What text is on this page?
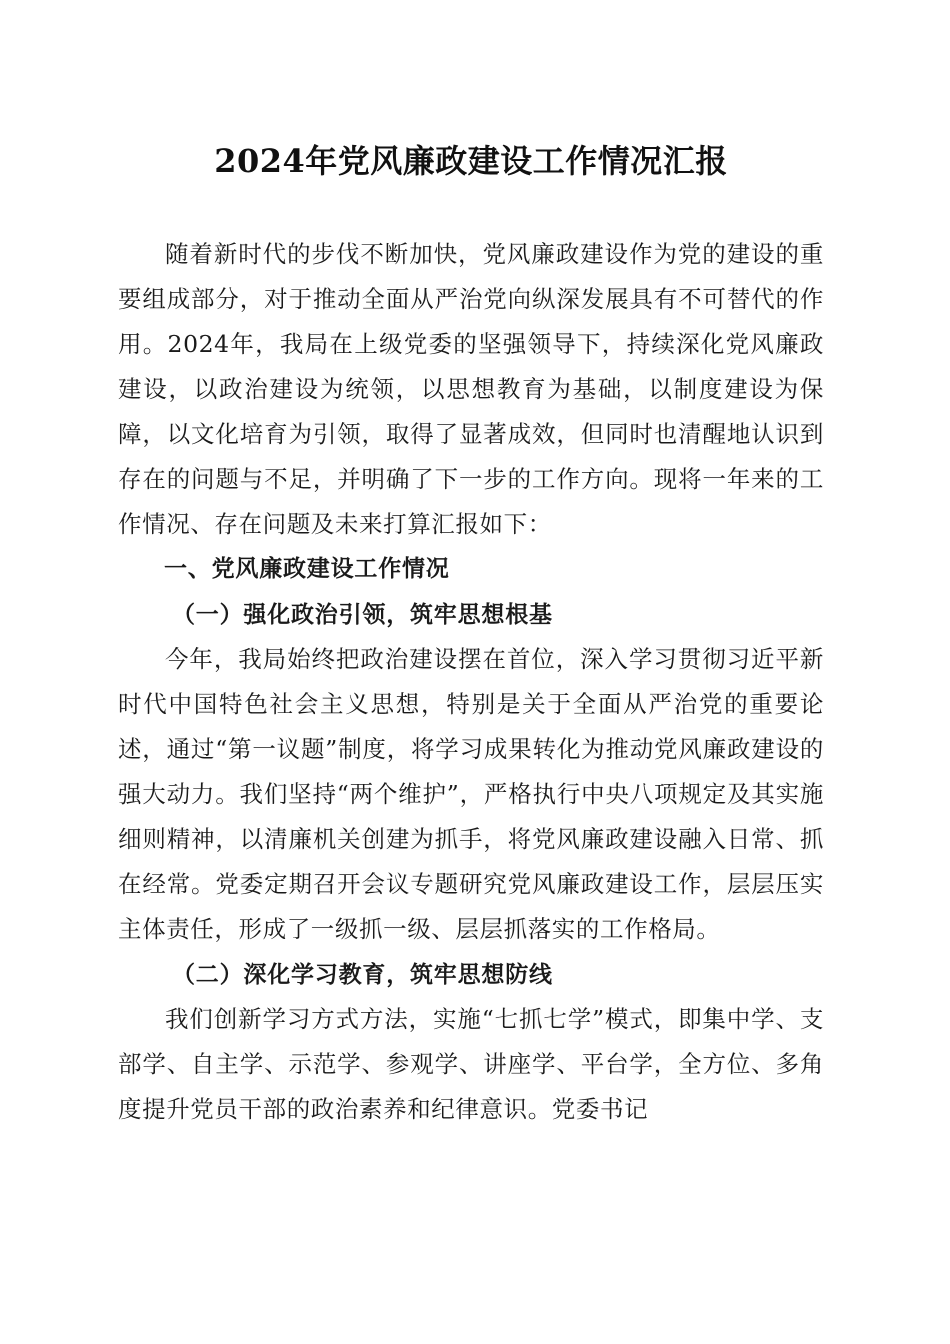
2024年党风廉政建设工作情况汇报

随着新时代的步伐不断加快，党风廉政建设作为党的建设的重要组成部分，对于推动全面从严治党向纵深发展具有不可替代的作用。2024年，我局在上级党委的坚强领导下，持续深化党风廉政建设，以政治建设为统领，以思想教育为基础，以制度建设为保障，以文化培育为引领，取得了显著成效，但同时也清醒地认识到存在的问题与不足，并明确了下一步的工作方向。现将一年来的工作情况、存在问题及未来打算汇报如下：

一、党风廉政建设工作情况
（一）强化政治引领，筑牢思想根基

今年，我局始终把政治建设摆在首位，深入学习贯彻习近平新时代中国特色社会主义思想，特别是关于全面从严治党的重要论述，通过“第一议题”制度，将学习成果转化为推动党风廉政建设的强大动力。我们坚持“两个维护”，严格执行中央八项规定及其实施细则精神，以清廉机关创建为抓手，将党风廉政建设融入日常、抓在经常。党委定期召开会议专题研究党风廉政建设工作，层层压实主体责任，形成了一级抓一级、层层抓落实的工作格局。

（二）深化学习教育，筑牢思想防线

我们创新学习方式方法，实施“七抓七学”模式，即集中学、支部学、自主学、示范学、参观学、讲座学、平台学，全方位、多角度提升党员干部的政治素养和纪律意识。党委书记
